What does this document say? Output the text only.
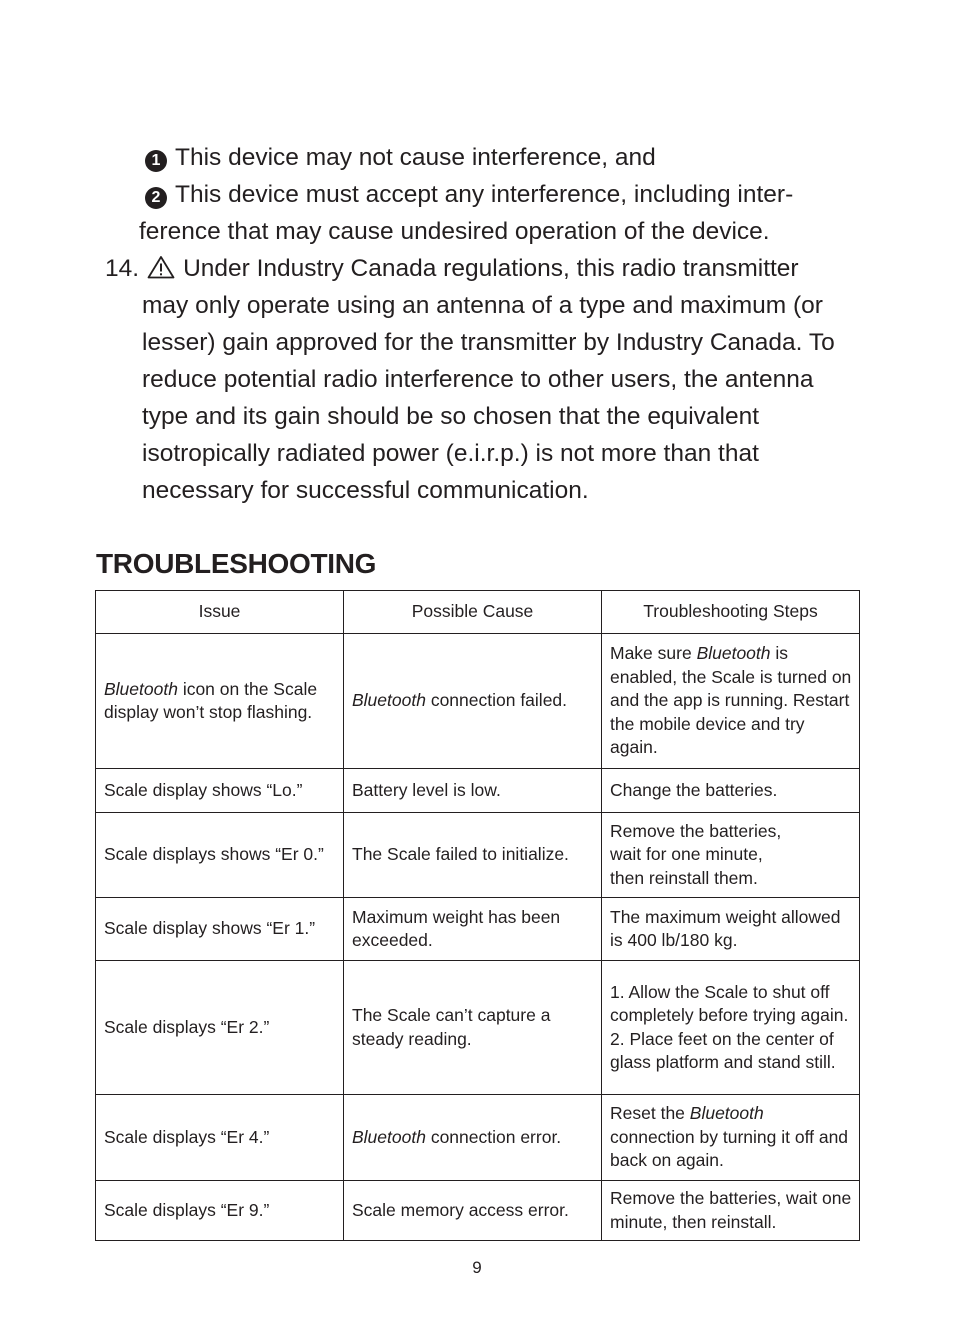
1 This device may not cause interference, and
2 This device must accept any interference, including inter-
ference that may cause undesired operation of the device.
14. Under Industry Canada regulations, this radio transmitter
may only operate using an antenna of a type and maximum (or
lesser) gain approved for the transmitter by Industry Canada. To
reduce potential radio interference to other users, the antenna
type and its gain should be so chosen that the equivalent
isotropically radiated power (e.i.r.p.) is not more than that
necessary for successful communication.
TROUBLESHOOTING
Issue	Possible Cause	Troubleshooting Steps
Bluetooth icon on the Scale display won’t stop flashing.	Bluetooth connection failed.	Make sure Bluetooth is enabled, the Scale is turned on and the app is running. Restart the mobile device and try again.
Scale display shows “Lo.”	Battery level is low.	Change the batteries.
Scale displays shows “Er 0.”	The Scale failed to initialize.	Remove the batteries,
wait for one minute,
then reinstall them.
Scale display shows “Er 1.”	Maximum weight has been exceeded.	The maximum weight allowed is 400 lb/180 kg.
Scale displays “Er 2.”	The Scale can’t capture a steady reading.	1. Allow the Scale to shut off completely before trying again.
2. Place feet on the center of glass platform and stand still.
Scale displays “Er 4.”	Bluetooth connection error.	Reset the Bluetooth connection by turning it off and back on again.
Scale displays “Er 9.”	Scale memory access error.	Remove the batteries, wait one minute, then reinstall.
9
